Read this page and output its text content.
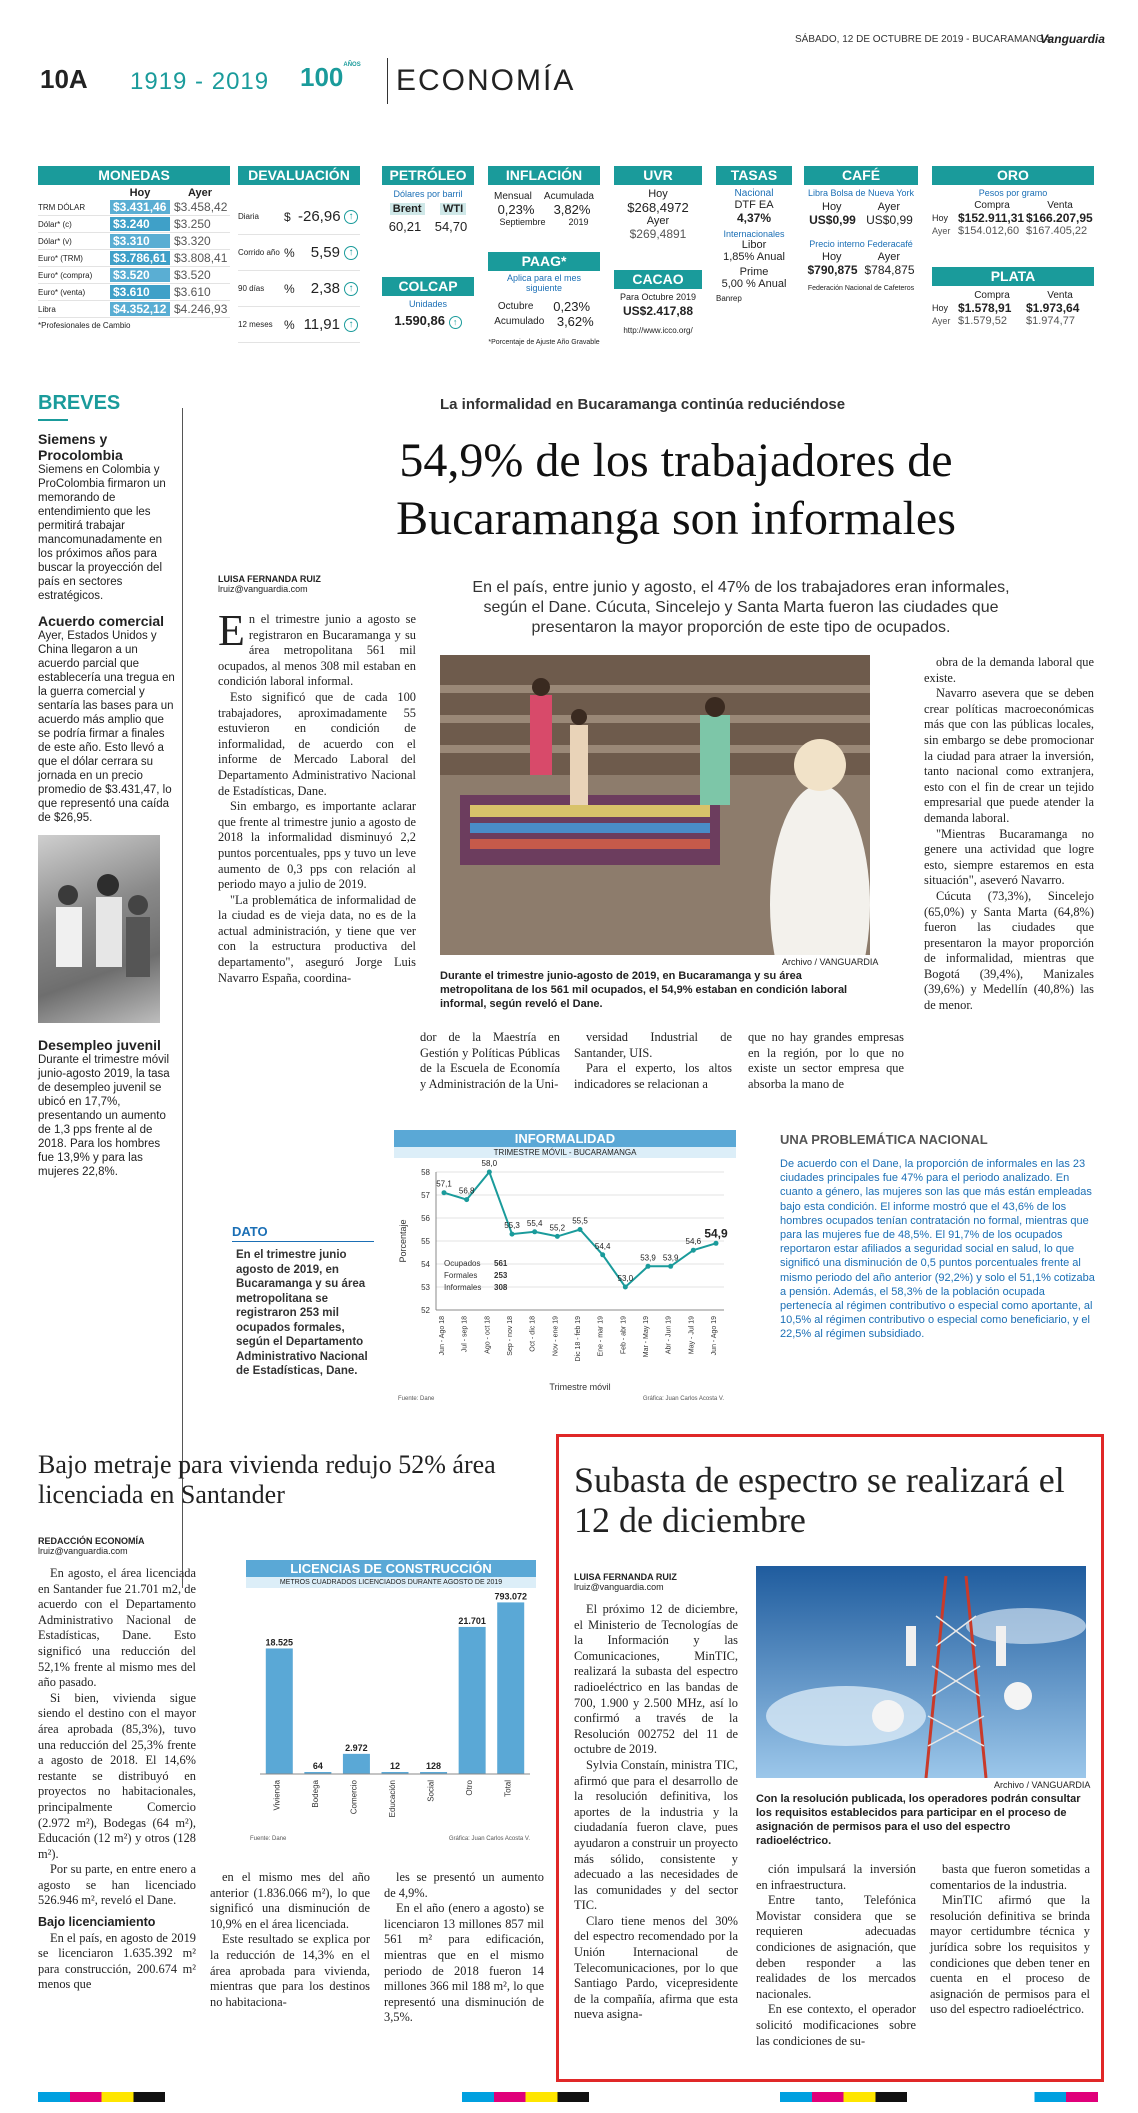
SÁBADO, 12 DE OCTUBRE DE 2019 - BUCARAMANGA
Vanguardia
10A 1919 - 2019 $100^{AÑOS}$ ECONOMÍA
MONEDAS
Hoy	Ayer
TRM DÓLAR	$3.431,46 $3.458,42
Dólar* (c)	$3.240	$3.250
Dólar* (v)	$3.310	$3.320
Euro* (TRM)	$3.786,61 $3.808,41
Euro* (compra)	$3.520	$3.520
Euro* (venta)	$3.610	$3.610
Libra	$4.352,12 $4.246,93
*Profesionales de Cambio
DEVALUACIÓN
Diaria	$ -26,96 ↑
Corrido año %	5,59 ↑
90 días	%	2,38 ↑
12 meses % 11,91 ↑
PETRÓLEO
Dólares por barril
Brent WTI
60,21 54,70
COLCAP
Unidades
1.590,86 ↑
INFLACIÓN
Mensual Acumulada
0,23% 3,82%
Septiembre	2019
PAAG*
Aplica para el mes siguiente
Octubre 0,23%
Acumulado 3,62%
*Porcentaje de Ajuste Año Gravable
UVR
Hoy
$268,4972
Ayer
$269,4891
CACAO
Para Octubre 2019
US$2.417,88
http://www.icco.org/
TASAS
Nacional
DTF EA
4,37%
Internacionales
Libor
1,85% Anual
Prime
5,00 % Anual
Banrep
CAFÉ
Libra Bolsa de Nueva York
Hoy	Ayer
US$0,99 US$0,99
Precio interno Federacafé
Hoy	Ayer
$790,875 $784,875
Federación Nacional de Cafeteros
ORO
Pesos por gramo
Compra	Venta
Hoy $152.911,31 $166.207,95
Ayer $154.012,60 $167.405,22
PLATA
Compra	Venta
Hoy $1.578,91	$1.973,64
Ayer $1.579,52	$1.974,77
BREVES
Siemens y Procolombia
Siemens en Colombia y ProColombia firmaron un memorando de entendimiento que les permitirá trabajar mancomunadamente en los próximos años para buscar la proyección del país en sectores estratégicos.
Acuerdo comercial
Ayer, Estados Unidos y China llegaron a un acuerdo parcial que establecería una tregua en la guerra comercial y sentaría las bases para un acuerdo más amplio que se podría firmar a finales de este año. Esto llevó a que el dólar cerrara su jornada en un precio promedio de $3.431,47, lo que representó una caída de $26,95.
Desempleo juvenil
Durante el trimestre móvil junio-agosto 2019, la tasa de desempleo juvenil se ubicó en 17,7%, presentando un aumento de 1,3 pps frente al de 2018. Para los hombres fue 13,9% y para las mujeres 22,8%.
La informalidad en Bucaramanga continúa reduciéndose
54,9% de los trabajadores de Bucaramanga son informales
LUISA FERNANDA RUIZ
lruiz@vanguardia.com	En el país, entre junio y agosto, el 47% de los trabajadores eran informales, según el Dane. Cúcuta, Sincelejo y Santa Marta fueron las ciudades que presentaron la mayor proporción de este tipo de ocupados.

En el trimestre junio a agosto se registraron en Bucaramanga y su área metropolitana 561 mil ocupados, al menos 308 mil estaban en condición laboral informal.

Esto significó que de cada 100 trabajadores, aproximadamente 55 estuvieron en condición de informalidad, de acuerdo con el informe de Mercado Laboral del Departamento Administrativo Nacional de Estadísticas, Dane.

Sin embargo, es importante aclarar que frente al trimestre junio a agosto de 2018 la informalidad disminuyó 2,2 puntos porcentuales, pps y tuvo un leve aumento de 0,3 pps con relación al periodo mayo a julio de 2019.

"La problemática de informalidad de la ciudad es de vieja data, no es de la actual administración, y tiene que ver con la estructura productiva del departamento", aseguró Jorge Luis Navarro España, coordina-

Archivo / VANGUARDIA
Durante el trimestre junio-agosto de 2019, en Bucaramanga y su área metropolitana de los 561 mil ocupados, el 54,9% estaban en condición laboral informal, según reveló el Dane.
dor de la Maestría en Gestión y Políticas Públicas de la Escuela de Economía y Administración de la Uni-

versidad Industrial de Santander, UIS.

Para el experto, los altos indicadores se relacionan a

que no hay grandes empresas en la región, por lo que no existe un sector empresa que absorba la mano de

obra de la demanda laboral que existe.

Navarro asevera que se deben crear políticas macroeconómicas más que con las públicas locales, sin embargo se debe promocionar la ciudad para atraer la inversión, tanto nacional como extranjera, esto con el fin de crear un tejido empresarial que puede atender la demanda laboral.

"Mientras Bucaramanga no genere una actividad que logre esto, siempre estaremos en esta situación", aseveró Navarro.

Cúcuta (73,3%), Sincelejo (65,0%) y Santa Marta (64,8%) fueron las ciudades que presentaron la mayor proporción de informalidad, mientras que Bogotá (39,4%), Manizales (39,6%) y Medellín (40,8%) las de menor.

INFORMALIDAD
TRIMESTRE MÓVIL - BUCARAMANGA
52
53
54
55
56
57
58
57,1
Jun - Ago 18
56,8
Jul - sep 18
58,0
Ago - oct 18
55,3
Sep - nov 18
55,4
Oct - dic 18
55,2
Nov - ene 19
55,5
Dic 18 - feb 19
54,4
Ene - mar 19
53,0
Feb - abr 19
53,9
Mar - May 19
53,9
Abr - Jun 19
54,6
May - Jul 19
54,9
Jun - Ago 19
Porcentaje
Ocupados 561
Formales 253
Informales 308
Trimestre móvil
Fuente: Dane	Gráfica: Juan Carlos Acosta V.
DATO
En el trimestre junio agosto de 2019, en Bucaramanga y su área metropolitana se registraron 253 mil ocupados formales, según el Departamento Administrativo Nacional de Estadísticas, Dane.
UNA PROBLEMÁTICA NACIONAL
De acuerdo con el Dane, la proporción de informales en las 23 ciudades principales fue 47% para el periodo analizado. En cuanto a género, las mujeres son las que más están empleadas bajo esta condición. El informe mostró que el 43,6% de los hombres ocupados tenían contratación no formal, mientras que para las mujeres fue de 48,5%. El 91,7% de los ocupados reportaron estar afiliados a seguridad social en salud, lo que significó una disminución de 0,5 puntos porcentuales frente al mismo periodo del año anterior (92,2%) y solo el 51,1% cotizaba a pensión. Además, el 58,3% de la población ocupada pertenecía al régimen contributivo o especial como aportante, al 10,5% al régimen contributivo o especial como beneficiario, y el 22,5% al régimen subsidiado.
Bajo metraje para vivienda redujo 52% área licenciada en Santander
REDACCIÓN ECONOMÍA
lruiz@vanguardia.com

En agosto, el área licenciada en Santander fue 21.701 m2, de acuerdo con el Departamento Administrativo Nacional de Estadísticas, Dane. Esto significó una reducción del 52,1% frente al mismo mes del año pasado.

Si bien, vivienda sigue siendo el destino con el mayor área aprobada (85,3%), tuvo una reducción del 25,3% frente a agosto de 2018. El 14,6% restante se distribuyó en proyectos no habitacionales, principalmente Comercio (2.972 m²), Bodegas (64 m²), Educación (12 m²) y otros (128 m²).

Por su parte, en entre enero a agosto se han licenciado 526.946 m², reveló el Dane.

Bajo licenciamiento
En el país, en agosto de 2019 se licenciaron 1.635.392 m² para construcción, 200.674 m² menos que
LICENCIAS DE CONSTRUCCIÓN
METROS CUADRADOS LICENCIADOS DURANTE AGOSTO DE 2019
18.525
Vivienda
64
Bodega
2.972
Comercio
12
Educación
128
Social
21.701
Otro
793.072
Total
Fuente: Dane	Gráfica: Juan Carlos Acosta V.

en el mismo mes del año anterior (1.836.066 m²), lo que significó una disminución de 10,9% en el área licenciada.

Este resultado se explica por la reducción de 14,3% en el área aprobada para vivienda, mientras que para los destinos no habitaciona-

les se presentó un aumento de 4,9%.

En el año (enero a agosto) se licenciaron 13 millones 857 mil 561 m² para edificación, mientras que en el mismo periodo de 2018 fueron 14 millones 366 mil 188 m², lo que representó una disminución de 3,5%.

Subasta de espectro se realizará el 12 de diciembre
LUISA FERNANDA RUIZ
lruiz@vanguardia.com

El próximo 12 de diciembre, el Ministerio de Tecnologías de la Información y las Comunicaciones, MinTIC, realizará la subasta del espectro radioeléctrico en las bandas de 700, 1.900 y 2.500 MHz, así lo confirmó a través de la Resolución 002752 del 11 de octubre de 2019.

Sylvia Constaín, ministra TIC, afirmó que para el desarrollo de la resolución definitiva, los aportes de la industria y la ciudadanía fueron clave, pues ayudaron a construir un proyecto más sólido, consistente y adecuado a las necesidades de las comunidades y del sector TIC.

Claro tiene menos del 30% del espectro recomendado por la Unión Internacional de Telecomunicaciones, por lo que Santiago Pardo, vicepresidente de la compañía, afirma que esta nueva asigna-

Archivo / VANGUARDIA
Con la resolución publicada, los operadores podrán consultar los requisitos establecidos para participar en el proceso de asignación de permisos para el uso del espectro radioeléctrico.

ción impulsará la inversión en infraestructura.

Entre tanto, Telefónica Movistar considera que se requieren adecuadas condiciones de asignación, que deben responder a las realidades de los mercados nacionales.

En ese contexto, el operador solicitó modificaciones sobre las condiciones de su-

basta que fueron sometidas a comentarios de la industria.

MinTIC afirmó que la resolución definitiva se brinda mayor certidumbre técnica y jurídica sobre los requisitos y condiciones que deben tener en cuenta en el proceso de asignación de permisos para el uso del espectro radioeléctrico.
